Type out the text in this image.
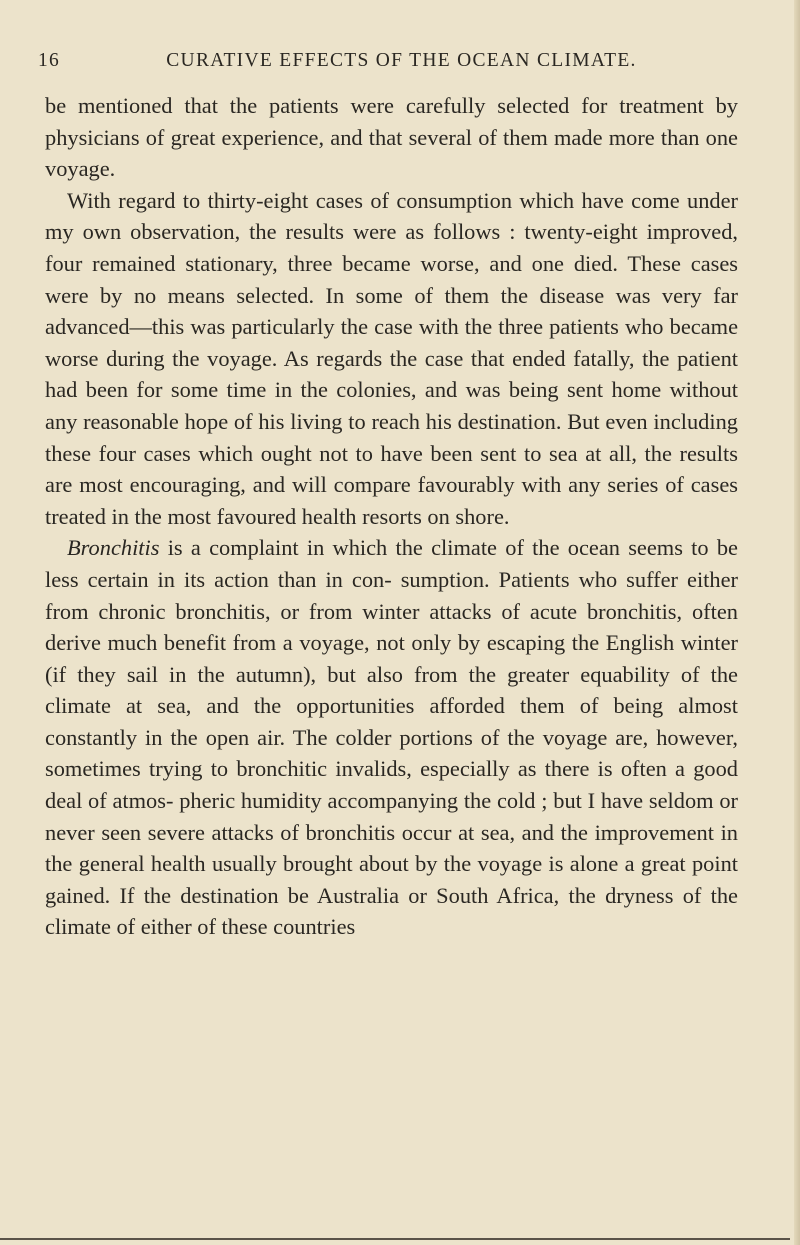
16	CURATIVE EFFECTS OF THE OCEAN CLIMATE.

be mentioned that the patients were carefully selected for treatment by physicians of great experience, and that several of them made more than one voyage.

With regard to thirty-eight cases of consumption which have come under my own observation, the results were as follows : twenty-eight improved, four remained stationary, three became worse, and one died. These cases were by no means selected. In some of them the disease was very far advanced—this was particularly the case with the three patients who became worse during the voyage. As regards the case that ended fatally, the patient had been for some time in the colonies, and was being sent home without any reasonable hope of his living to reach his destination. But even including these four cases which ought not to have been sent to sea at all, the results are most encouraging, and will compare favourably with any series of cases treated in the most favoured health resorts on shore.

Bronchitis is a complaint in which the climate of the ocean seems to be less certain in its action than in con- sumption. Patients who suffer either from chronic bronchitis, or from winter attacks of acute bronchitis, often derive much benefit from a voyage, not only by escaping the English winter (if they sail in the autumn), but also from the greater equability of the climate at sea, and the opportunities afforded them of being almost constantly in the open air. The colder portions of the voyage are, however, sometimes trying to bronchitic invalids, especially as there is often a good deal of atmos- pheric humidity accompanying the cold ; but I have seldom or never seen severe attacks of bronchitis occur at sea, and the improvement in the general health usually brought about by the voyage is alone a great point gained. If the destination be Australia or South Africa, the dryness of the climate of either of these countries
